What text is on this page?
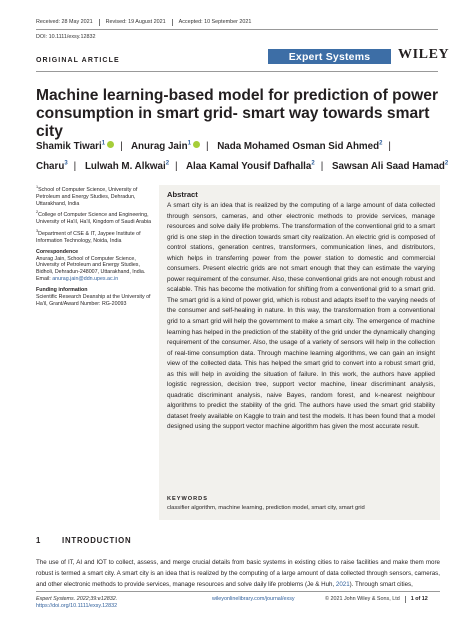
Received: 28 May 2021 Revised: 19 August 2021 Accepted: 10 September 2021
DOI: 10.1111/exsy.12832
ORIGINAL ARTICLE	Expert Systems WILEY
Machine learning-based model for prediction of power consumption in smart grid- smart way towards smart city
Shamik Tiwari$^1$ | Anurag Jain$^1$ | Nada Mohamed Osman Sid Ahmed$^2$ |
Charu$^3$ | Lulwah M. Alkwai$^2$ | Alaa Kamal Yousif Dafhalla$^2$ | Sawsan Ali Saad Hamad$^2$
$^1$School of Computer Science, University of Petroleum and Energy Studies, Dehradun, Uttarakhand, India
$^2$College of Computer Science and Engineering, University of Ha'il, Ha'il, Kingdom of Saudi Arabia
$^3$Department of CSE & IT, Jaypee Institute of Information Technology, Noida, India
Correspondence
Anurag Jain, School of Computer Science,
University of Petroleum and Energy Studies,
Bidholi, Dehradun-248007, Uttarakhand, India.
Email: anurag.jain@ddn.upes.ac.in
Funding information
Scientific Research Deanship at the University of Ha'il, Grant/Award Number: RG-20093
Abstract
A smart city is an idea that is realized by the computing of a large amount of data collected through sensors, cameras, and other electronic methods to provide services, manage resources and solve daily life problems. The transformation of the conventional grid to a smart grid is one step in the direction towards smart city realization. An electric grid is composed of control stations, generation centres, transformers, communication lines, and distributors, which helps in transferring power from the power station to domestic and commercial consumers. Present electric grids are not smart enough that they can estimate the varying power requirement of the consumer. Also, these conventional grids are not enough robust and scalable. This has become the motivation for shifting from a conventional grid to a smart grid. The smart grid is a kind of power grid, which is robust and adapts itself to the varying needs of the consumer and self-healing in nature. In this way, the transformation from a conventional grid to a smart grid will help the government to make a smart city. The emergence of machine learning has helped in the prediction of the stability of the grid under the dynamically changing requirement of the consumer. Also, the usage of a variety of sensors will help in the collection of real-time consumption data. Through machine learning algorithms, we can gain an insight view of the collected data. This has helped the smart grid to convert into a robust smart grid, as this will help in avoiding the situation of failure. In this work, the authors have applied logistic regression, decision tree, support vector machine, linear discriminant analysis, quadratic discriminant analysis, naive Bayes, random forest, and k-nearest neighbour algorithms to predict the stability of the grid. The authors have used the smart grid stability dataset freely available on Kaggle to train and test the models. It has been found that a model designed using the support vector machine algorithm has given the most accurate result.
KEYWORDS
classifier algorithm, machine learning, prediction model, smart city, smart grid
1	INTRODUCTION
The use of IT, AI and IOT to collect, assess, and merge crucial details from basic systems in existing cities to raise facilities and make them more robust is termed a smart city. A smart city is an idea that is realized by the computing of a large amount of data collected through sensors, cameras, and other electronic methods to provide services, manage resources and solve daily life problems (Je & Huh, 2021). Through smart cities,
Expert Systems. 2022;39:e12832.
https://doi.org/10.1111/exsy.12832
wileyonlinelibrary.com/journal/exsy	© 2021 John Wiley & Sons, Ltd 1 of 12
